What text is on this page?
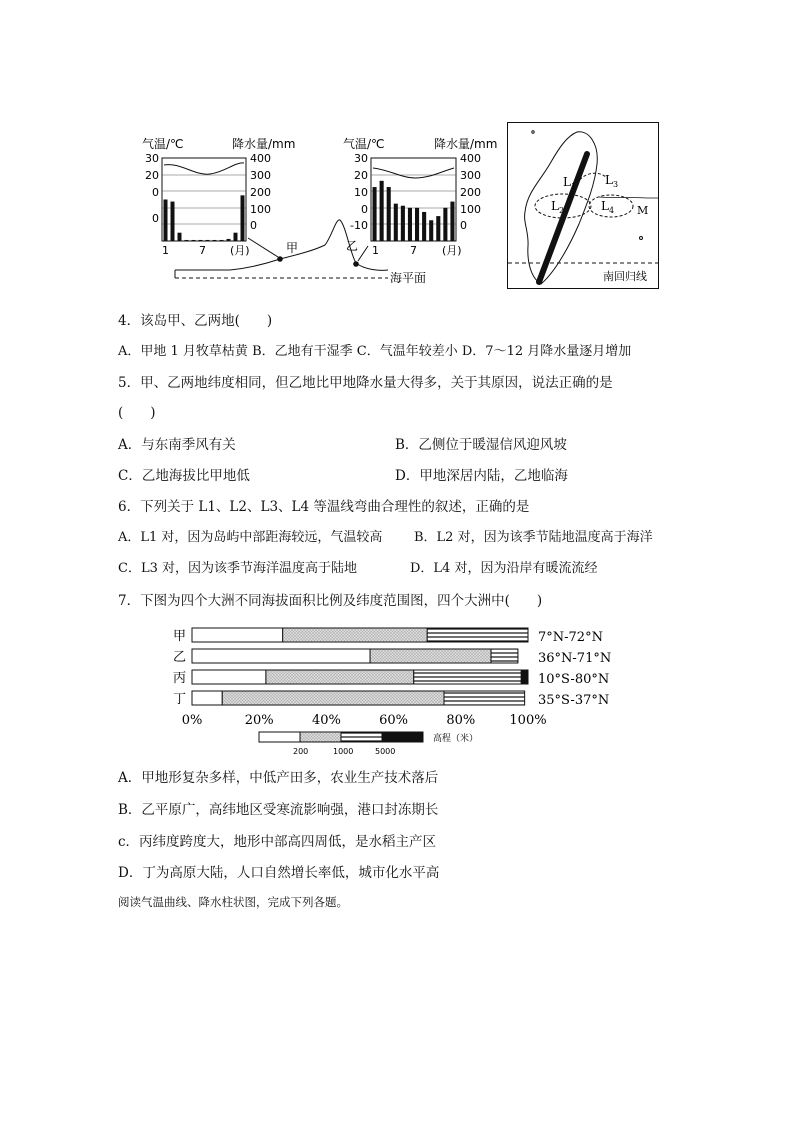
气温/℃	降水量/mm
30
20
0
0
400
300
200
100
0
1	7 (月)
气温/℃	降水量/mm
30
20
10
0
-10
400
300
200
100
0
1	7 (月)
甲	乙
海平面
$L_1$
$L_2$
$L_3$
$L_4$ M
南回归线
4．该岛甲、乙两地(　　)
A．甲地 1 月牧草枯黄 B．乙地有干湿季 C．气温年较差小 D．7～12 月降水量逐月增加
5．甲、乙两地纬度相同，但乙地比甲地降水量大得多，关于其原因，说法正确的是
(　　)
A．与东南季风有关	B．乙侧位于暖湿信风迎风坡
C．乙地海拔比甲地低	D．甲地深居内陆，乙地临海
6．下列关于 L1、L2、L3、L4 等温线弯曲合理性的叙述，正确的是
A．L1 对，因为岛屿中部距海较远，气温较高 B．L2 对，因为该季节陆地温度高于海洋
C．L3 对，因为该季节海洋温度高于陆地	D．L4 对，因为沿岸有暖流流经
7．下图为四个大洲不同海拔面积比例及纬度范围图，四个大洲中(　　)
甲	7°N-72°N
乙	36°N-71°N
丙	10°S-80°N
丁	35°S-37°N
0%	20%	40%	60%	80%	100%
高程（米）
200	1000	5000
A．甲地形复杂多样，中低产田多，农业生产技术落后
B．乙平原广，高纬地区受寒流影响强，港口封冻期长
c．丙纬度跨度大，地形中部高四周低，是水稻主产区
D．丁为高原大陆，人口自然增长率低，城市化水平高
阅读气温曲线、降水柱状图，完成下列各题。
